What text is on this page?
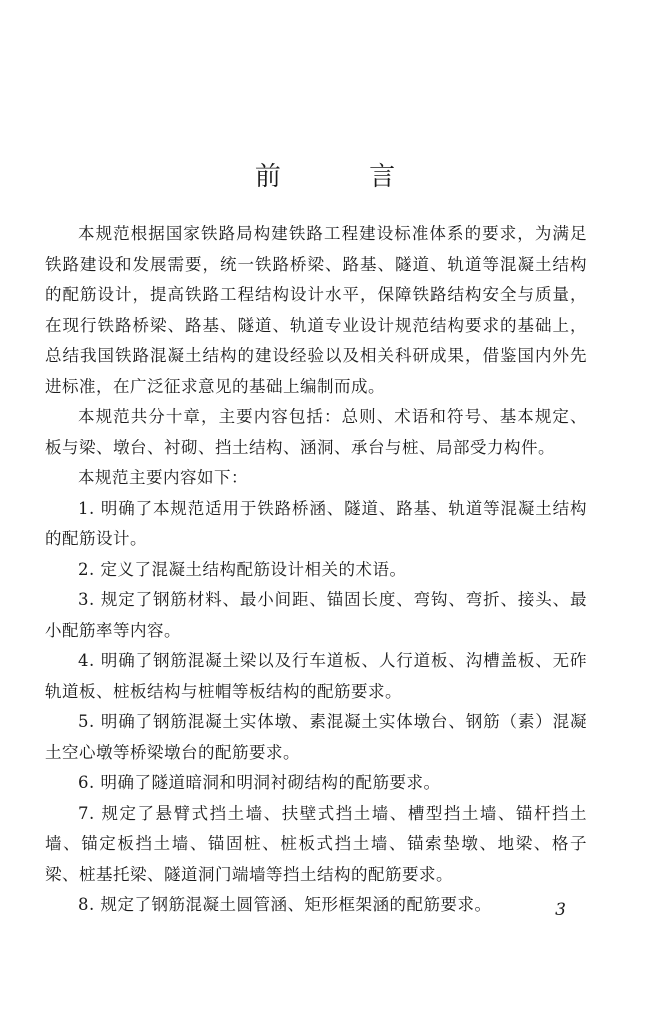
前 言

本规范根据国家铁路局构建铁路工程建设标准体系的要求，为满足铁路建设和发展需要，统一铁路桥梁、路基、隧道、轨道等混凝土结构的配筋设计，提高铁路工程结构设计水平，保障铁路结构安全与质量，在现行铁路桥梁、路基、隧道、轨道专业设计规范结构要求的基础上，总结我国铁路混凝土结构的建设经验以及相关科研成果，借鉴国内外先进标准，在广泛征求意见的基础上编制而成。

本规范共分十章，主要内容包括：总则、术语和符号、基本规定、板与梁、墩台、衬砌、挡土结构、涵洞、承台与桩、局部受力构件。

本规范主要内容如下：

1. 明确了本规范适用于铁路桥涵、隧道、路基、轨道等混凝土结构的配筋设计。

2. 定义了混凝土结构配筋设计相关的术语。

3. 规定了钢筋材料、最小间距、锚固长度、弯钩、弯折、接头、最小配筋率等内容。

4. 明确了钢筋混凝土梁以及行车道板、人行道板、沟槽盖板、无砟轨道板、桩板结构与桩帽等板结构的配筋要求。

5. 明确了钢筋混凝土实体墩、素混凝土实体墩台、钢筋（素）混凝土空心墩等桥梁墩台的配筋要求。

6. 明确了隧道暗洞和明洞衬砌结构的配筋要求。

7. 规定了悬臂式挡土墙、扶壁式挡土墙、槽型挡土墙、锚杆挡土墙、锚定板挡土墙、锚固桩、桩板式挡土墙、锚索垫墩、地梁、格子梁、桩基托梁、隧道洞门端墙等挡土结构的配筋要求。

8. 规定了钢筋混凝土圆管涵、矩形框架涵的配筋要求。	3
